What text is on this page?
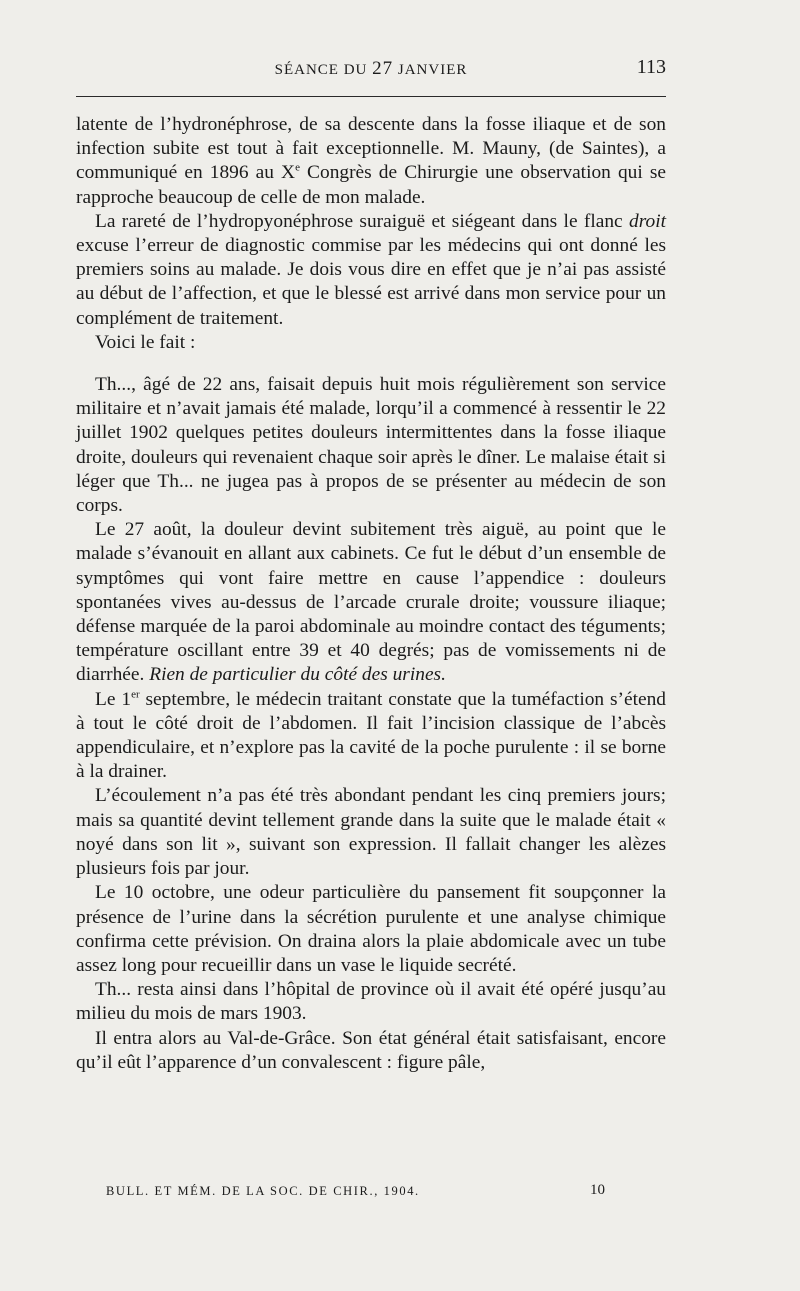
SÉANCE DU 27 JANVIER	113

latente de l’hydronéphrose, de sa descente dans la fosse iliaque et de son infection subite est tout à fait exceptionnelle. M. Mauny, (de Saintes), a communiqué en 1896 au Xe Congrès de Chirurgie une observation qui se rapproche beaucoup de celle de mon malade.

La rareté de l’hydropyonéphrose suraiguë et siégeant dans le flanc droit excuse l’erreur de diagnostic commise par les médecins qui ont donné les premiers soins au malade. Je dois vous dire en effet que je n’ai pas assisté au début de l’affection, et que le blessé est arrivé dans mon service pour un complément de traitement.

Voici le fait :

Th..., âgé de 22 ans, faisait depuis huit mois régulièrement son service militaire et n’avait jamais été malade, lorqu’il a commencé à ressentir le 22 juillet 1902 quelques petites douleurs intermittentes dans la fosse iliaque droite, douleurs qui revenaient chaque soir après le dîner. Le malaise était si léger que Th... ne jugea pas à propos de se présenter au médecin de son corps.

Le 27 août, la douleur devint subitement très aiguë, au point que le malade s’évanouit en allant aux cabinets. Ce fut le début d’un ensemble de symptômes qui vont faire mettre en cause l’appendice : douleurs spontanées vives au-dessus de l’arcade crurale droite; voussure iliaque; défense marquée de la paroi abdominale au moindre contact des téguments; température oscillant entre 39 et 40 degrés; pas de vomissements ni de diarrhée. Rien de particulier du côté des urines.

Le 1er septembre, le médecin traitant constate que la tuméfaction s’étend à tout le côté droit de l’abdomen. Il fait l’incision classique de l’abcès appendiculaire, et n’explore pas la cavité de la poche purulente : il se borne à la drainer.

L’écoulement n’a pas été très abondant pendant les cinq premiers jours; mais sa quantité devint tellement grande dans la suite que le malade était « noyé dans son lit », suivant son expression. Il fallait changer les alèzes plusieurs fois par jour.

Le 10 octobre, une odeur particulière du pansement fit soupçonner la présence de l’urine dans la sécrétion purulente et une analyse chimique confirma cette prévision. On draina alors la plaie abdomicale avec un tube assez long pour recueillir dans un vase le liquide secrété.

Th... resta ainsi dans l’hôpital de province où il avait été opéré jusqu’au milieu du mois de mars 1903.

Il entra alors au Val-de-Grâce. Son état général était satisfaisant, encore qu’il eût l’apparence d’un convalescent : figure pâle,

BULL. ET MÉM. DE LA SOC. DE CHIR., 1904.	10
